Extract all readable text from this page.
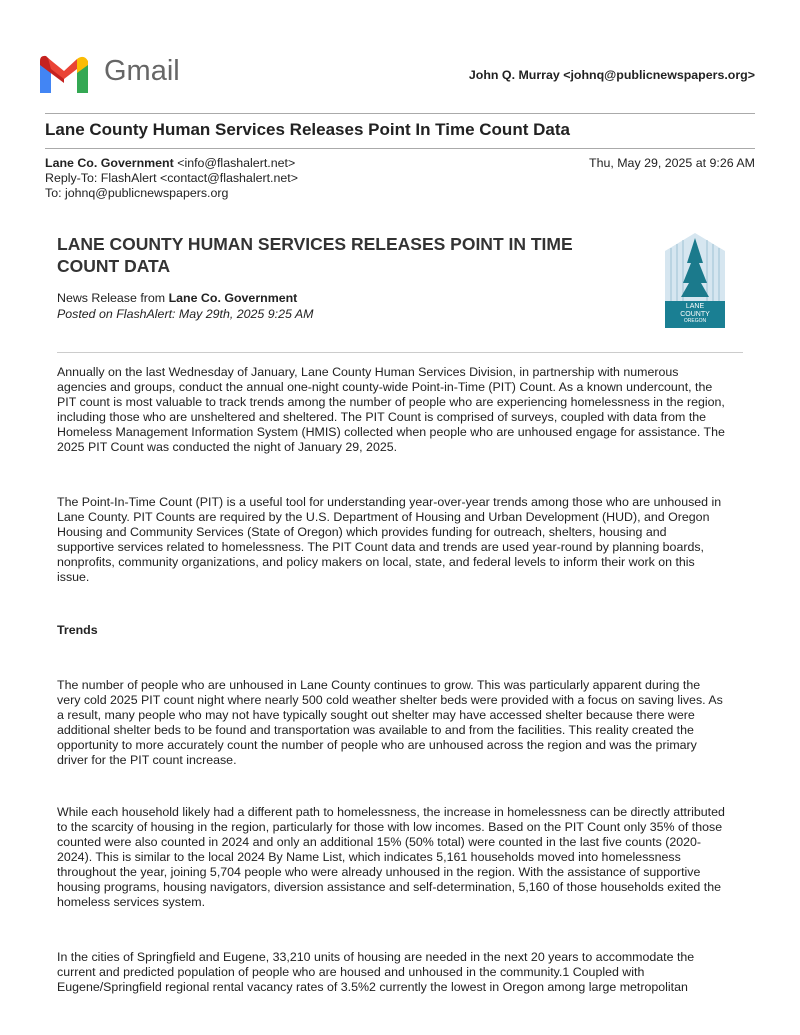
Gmail	John Q. Murray <johnq@publicnewspapers.org>
Lane County Human Services Releases Point In Time Count Data
Lane Co. Government <info@flashalert.net>	Thu, May 29, 2025 at 9:26 AM
Reply-To: FlashAlert <contact@flashalert.net>
To: johnq@publicnewspapers.org
LANE COUNTY HUMAN SERVICES RELEASES POINT IN TIME
COUNT DATA
News Release from Lane Co. Government
Posted on FlashAlert: May 29th, 2025 9:25 AM
LANE
COUNTY
OREGON
Annually on the last Wednesday of January, Lane County Human Services Division, in partnership with numerous
agencies and groups, conduct the annual one-night county-wide Point-in-Time (PIT) Count. As a known undercount, the
PIT count is most valuable to track trends among the number of people who are experiencing homelessness in the region,
including those who are unsheltered and sheltered. The PIT Count is comprised of surveys, coupled with data from the
Homeless Management Information System (HMIS) collected when people who are unhoused engage for assistance. The
2025 PIT Count was conducted the night of January 29, 2025.
The Point-In-Time Count (PIT) is a useful tool for understanding year-over-year trends among those who are unhoused in
Lane County. PIT Counts are required by the U.S. Department of Housing and Urban Development (HUD), and Oregon
Housing and Community Services (State of Oregon) which provides funding for outreach, shelters, housing and
supportive services related to homelessness. The PIT Count data and trends are used year-round by planning boards,
nonprofits, community organizations, and policy makers on local, state, and federal levels to inform their work on this
issue.
The number of people who are unhoused in Lane County continues to grow. This was particularly apparent during the
very cold 2025 PIT count night where nearly 500 cold weather shelter beds were provided with a focus on saving lives. As
a result, many people who may not have typically sought out shelter may have accessed shelter because there were
additional shelter beds to be found and transportation was available to and from the facilities. This reality created the
opportunity to more accurately count the number of people who are unhoused across the region and was the primary
driver for the PIT count increase.
While each household likely had a different path to homelessness, the increase in homelessness can be directly attributed
to the scarcity of housing in the region, particularly for those with low incomes. Based on the PIT Count only 35% of those
counted were also counted in 2024 and only an additional 15% (50% total) were counted in the last five counts (2020-
2024). This is similar to the local 2024 By Name List, which indicates 5,161 households moved into homelessness
throughout the year, joining 5,704 people who were already unhoused in the region. With the assistance of supportive
housing programs, housing navigators, diversion assistance and self-determination, 5,160 of those households exited the
homeless services system.
In the cities of Springfield and Eugene, 33,210 units of housing are needed in the next 20 years to accommodate the
current and predicted population of people who are housed and unhoused in the community.1 Coupled with
Eugene/Springfield regional rental vacancy rates of 3.5%2 currently the lowest in Oregon among large metropolitan
Trends
